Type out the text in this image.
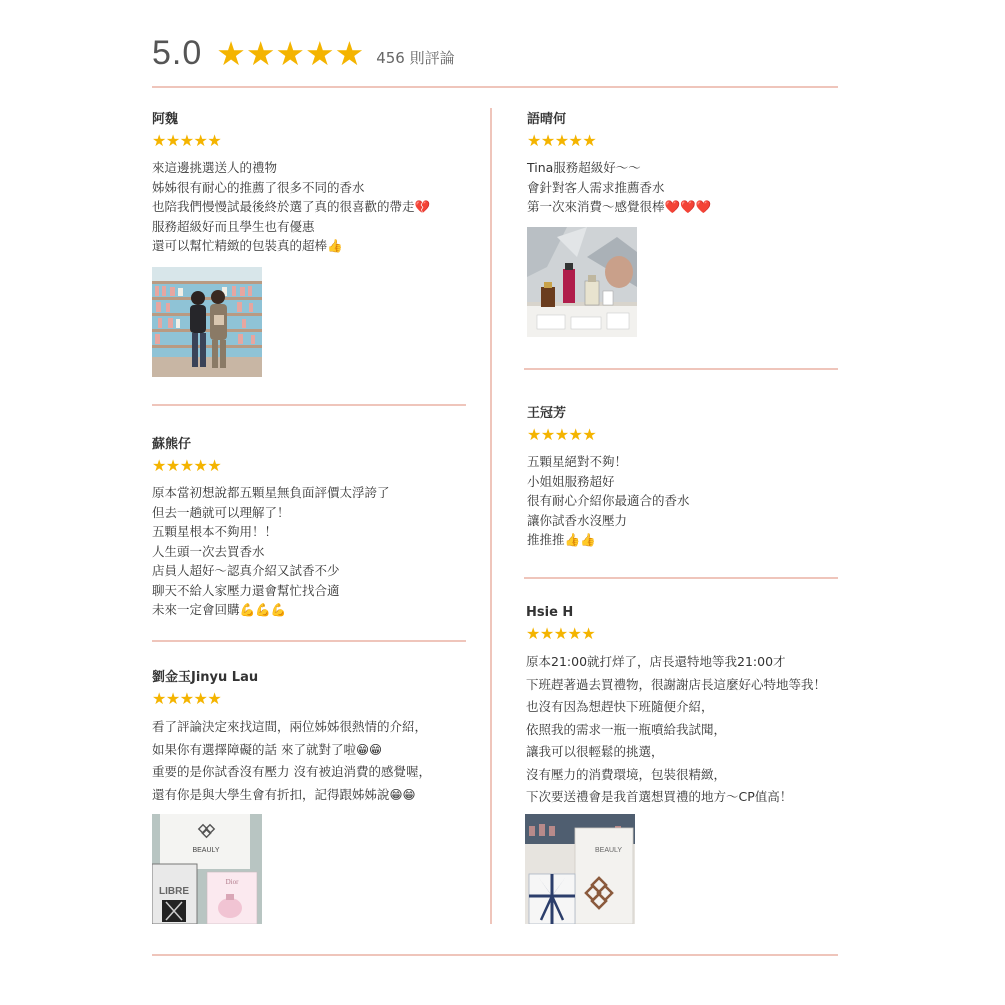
5.0 ★★★★★ 456 則評論
阿魏
★★★★★
來這邊挑選送人的禮物
姊姊很有耐心的推薦了很多不同的香水
也陪我們慢慢試最後終於選了真的很喜歡的帶走💔
服務超級好而且學生也有優惠
還可以幫忙精緻的包裝真的超棒👍
語晴何
★★★★★
Tina服務超級好～～
會針對客人需求推薦香水
第一次來消費～感覺很棒❤️❤️❤️
蘇熊仔
★★★★★
原本當初想說都五顆星無負面評價太浮誇了
但去一趟就可以理解了！
五顆星根本不夠用！！
人生頭一次去買香水
店員人超好～認真介紹又試香不少
聊天不給人家壓力還會幫忙找合適
未來一定會回購💪💪💪
王冠芳
★★★★★
五顆星絕對不夠！
小姐姐服務超好
很有耐心介紹你最適合的香水
讓你試香水沒壓力
推推推👍👍
劉金玉Jinyu Lau
★★★★★
看了評論決定來找這間，兩位姊姊很熱情的介紹，
如果你有選擇障礙的話 來了就對了啦😁😁
重要的是你試香沒有壓力 沒有被迫消費的感覺喔，
還有你是與大學生會有折扣，記得跟姊姊說😁😁
BEAULY
LIBRE
Dior
Hsie H
★★★★★
原本21:00就打烊了，店長還特地等我21:00才
下班趕著過去買禮物，很謝謝店長這麼好心特地等我！
也沒有因為想趕快下班隨便介紹，
依照我的需求一瓶一瓶噴給我試聞，
讓我可以很輕鬆的挑選，
沒有壓力的消費環境，包裝很精緻，
下次要送禮會是我首選想買禮的地方～CP值高！
BEAULY
